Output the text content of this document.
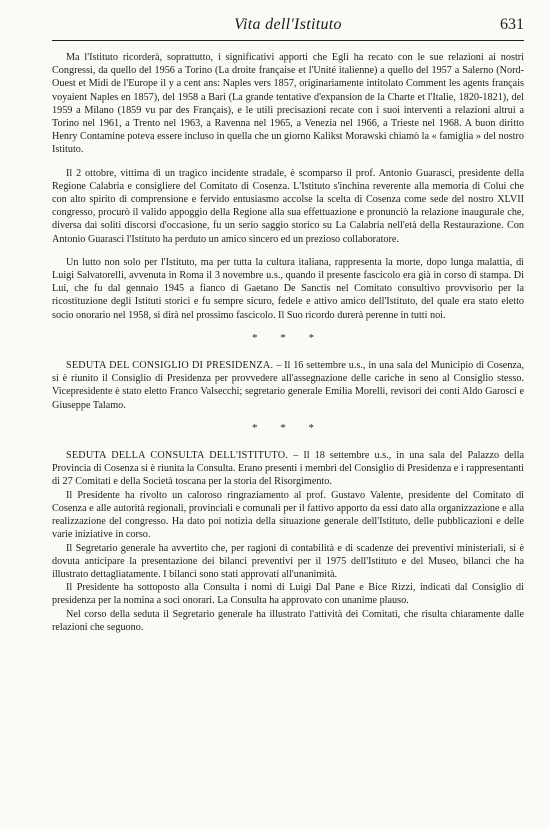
Vita dell'Istituto	631

Ma l'Istituto ricorderà, soprattutto, i significativi apporti che Egli ha recato con le sue relazioni ai nostri Congressi, da quello del 1956 a Torino (La droite française et l'Unité italienne) a quello del 1957 a Salerno (Nord-Ouest et Midi de l'Europe il y a cent ans: Naples vers 1857, originariamente intitolato Comment les agents français voyaient Naples en 1857), del 1958 a Bari (La grande tentative d'expansion de la Charte et l'Italie, 1820-1821), del 1959 a Milano (1859 vu par des Français), e le utili precisazioni recate con i suoi interventi a relazioni altrui a Torino nel 1961, a Trento nel 1963, a Ravenna nel 1965, a Venezia nel 1966, a Trieste nel 1968. A buon diritto Henry Contamine poteva essere incluso in quella che un giorno Kalikst Morawski chiamò la « famiglia » del nostro Istituto.

Il 2 ottobre, vittima di un tragico incidente stradale, è scomparso il prof. Antonio Guarasci, presidente della Regione Calabria e consigliere del Comitato di Cosenza. L'Istituto s'inchina reverente alla memoria di Colui che con alto spirito di comprensione e fervido entusiasmo accolse la scelta di Cosenza come sede del nostro XLVII congresso, procurò il valido appoggio della Regione alla sua effettuazione e pronunciò la relazione inaugurale che, diversa dai soliti discorsi d'occasione, fu un serio saggio storico su La Calabria nell'età della Restaurazione. Con Antonio Guarasci l'Istituto ha perduto un amico sincero ed un prezioso collaboratore.

Un lutto non solo per l'Istituto, ma per tutta la cultura italiana, rappresenta la morte, dopo lunga malattia, di Luigi Salvatorelli, avvenuta in Roma il 3 novembre u.s., quando il presente fascicolo era già in corso di stampa. Di Lui, che fu dal gennaio 1945 a fianco di Gaetano De Sanctis nel Comitato consultivo provvisorio per la ricostituzione degli Istituti storici e fu sempre sicuro, fedele e attivo amico dell'Istituto, del quale era stato eletto socio onorario nel 1958, si dirà nel prossimo fascicolo. Il Suo ricordo durerà perenne in tutti noi.

* * *

SEDUTA DEL CONSIGLIO DI PRESIDENZA. – Il 16 settembre u.s., in una sala del Municipio di Cosenza, si è riunito il Consiglio di Presidenza per provvedere all'assegnazione delle cariche in seno al Consiglio stesso. Vicepresidente è stato eletto Franco Valsecchi; segretario generale Emilia Morelli, revisori dei conti Aldo Garosci e Giuseppe Talamo.

* * *

SEDUTA DELLA CONSULTA DELL'ISTITUTO. – Il 18 settembre u.s., in una sala del Palazzo della Provincia di Cosenza si è riunita la Consulta. Erano presenti i membri del Consiglio di Presidenza e i rappresentanti di 27 Comitati e della Società toscana per la storia del Risorgimento.

Il Presidente ha rivolto un caloroso ringraziamento al prof. Gustavo Valente, presidente del Comitato di Cosenza e alle autorità regionali, provinciali e comunali per il fattivo apporto da essi dato alla organizzazione e alla realizzazione del congresso. Ha dato poi notizia della situazione generale dell'Istituto, delle pubblicazioni e delle varie iniziative in corso.

Il Segretario generale ha avvertito che, per ragioni di contabilità e di scadenze dei preventivi ministeriali, si è dovuta anticipare la presentazione dei bilanci preventivi per il 1975 dell'Istituto e del Museo, bilanci che ha illustrato dettagliatamente. I bilanci sono stati approvati all'unanimità.

Il Presidente ha sottoposto alla Consulta i nomi di Luigi Dal Pane e Bice Rizzi, indicati dal Consiglio di presidenza per la nomina a soci onorari. La Consulta ha approvato con unanime plauso.

Nel corso della seduta il Segretario generale ha illustrato l'attività dei Comitati, che risulta chiaramente dalle relazioni che seguono.
